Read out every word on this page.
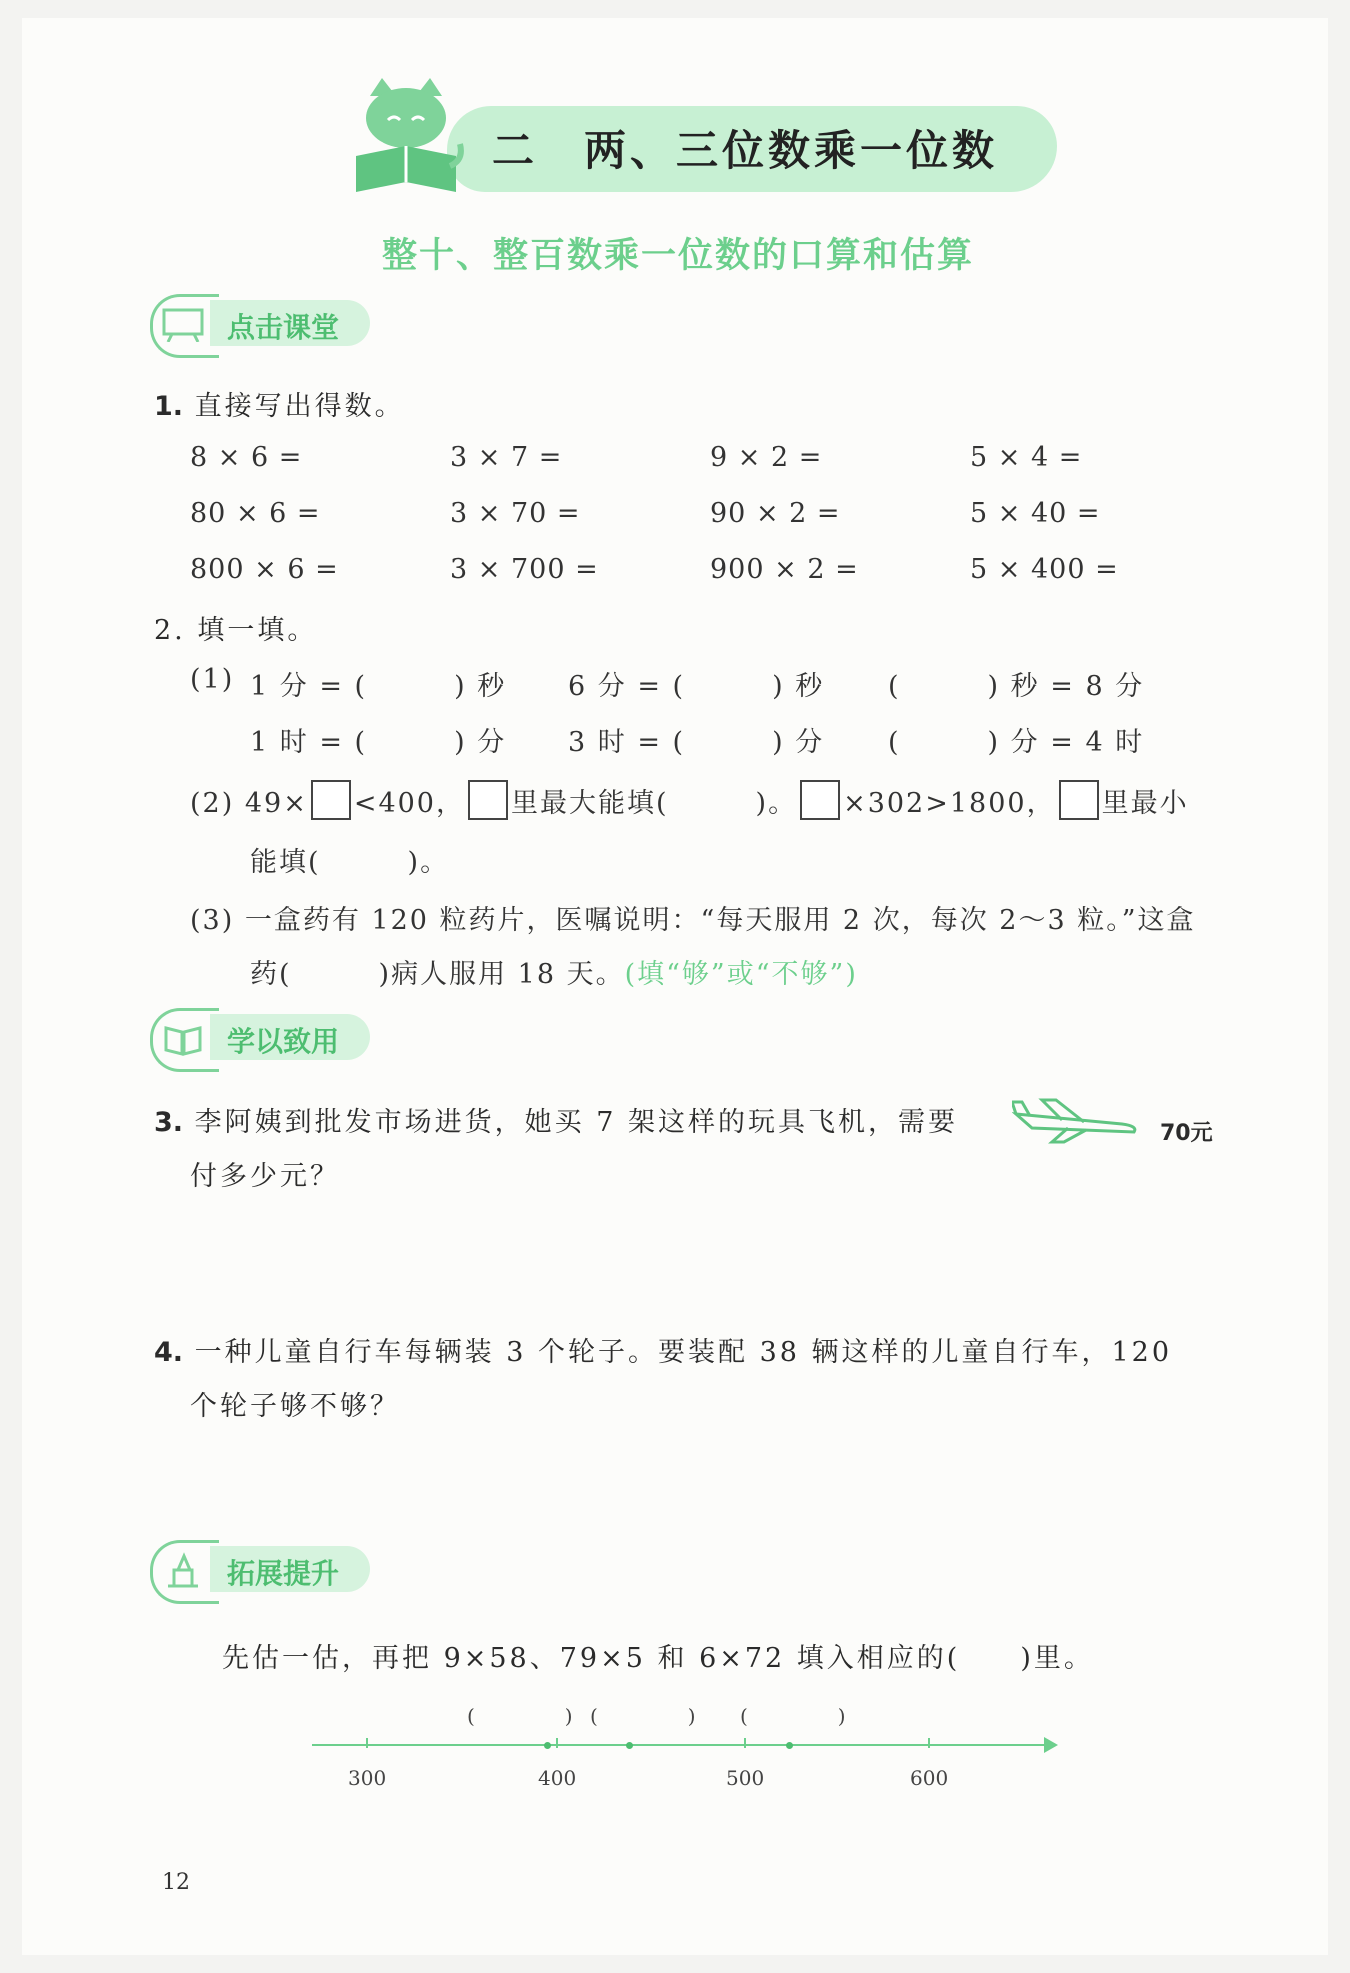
二　两、三位数乘一位数
整十、整百数乘一位数的口算和估算
点击课堂
1. 直接写出得数。
8 × 6 =	3 × 7 =	9 × 2 =	5 × 4 =
80 × 6 =	3 × 70 =	90 × 2 =	5 × 40 =
800 × 6 =	3 × 700 =	900 × 2 =	5 × 400 =
2. 填一填。
(1) 1 分 = (　　　) 秒 6 分 = (　　　) 秒 (　　　) 秒 = 8 分
1 时 = (　　　) 分 3 时 = (　　　) 分 (　　　) 分 = 4 时
(2) 49× <400， 里最大能填(　　　)。 ×302>1800， 里最小
能填(　　　)。
(3) 一盒药有 120 粒药片，医嘱说明：“每天服用 2 次，每次 2～3 粒。”这盒
药(　　　)病人服用 18 天。(填“够”或“不够”)
学以致用
3. 李阿姨到批发市场进货，她买 7 架这样的玩具飞机，需要
付多少元？
70元
4. 一种儿童自行车每辆装 3 个轮子。要装配 38 辆这样的儿童自行车，120
个轮子够不够？
拓展提升
先估一估，再把 9×58、79×5 和 6×72 填入相应的(　　)里。
(　　　　) (　　　　) (　　　　)
300	400	500	600
12
